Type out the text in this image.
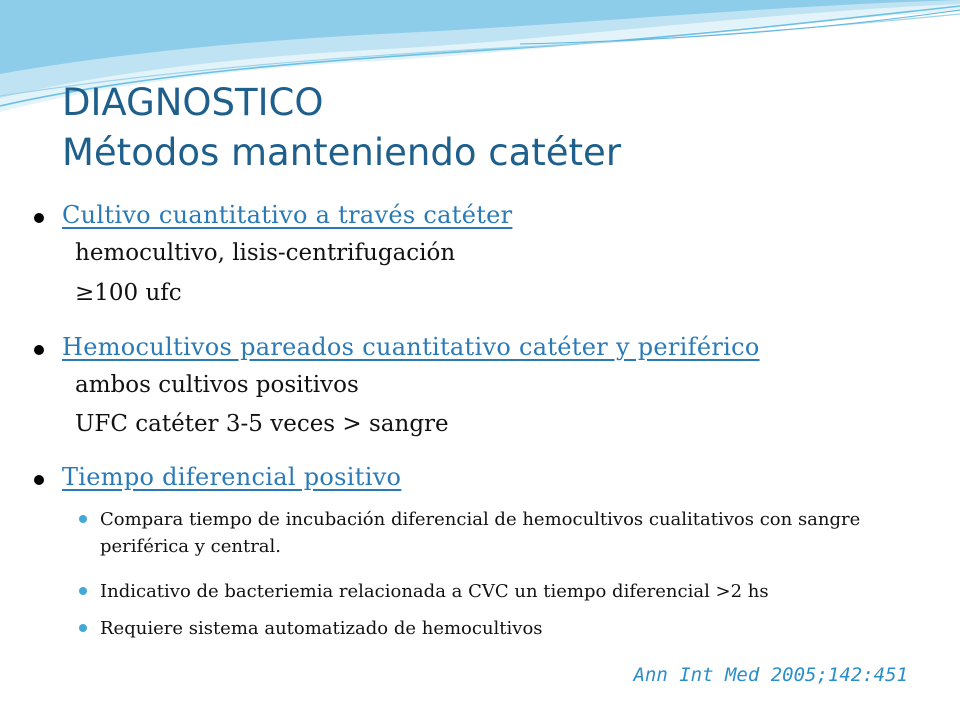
DIAGNOSTICO
Métodos manteniendo catéter
Cultivo cuantitativo a través catéter
hemocultivo, lisis-centrifugación
≥100 ufc
Hemocultivos pareados cuantitativo catéter y periférico
ambos cultivos positivos
UFC catéter 3-5 veces > sangre
Tiempo diferencial positivo
Compara tiempo de incubación diferencial de hemocultivos cualitativos con sangre periférica y central.
Indicativo de bacteriemia relacionada a CVC un tiempo diferencial >2 hs
Requiere sistema automatizado de hemocultivos
Ann Int Med 2005;142:451
